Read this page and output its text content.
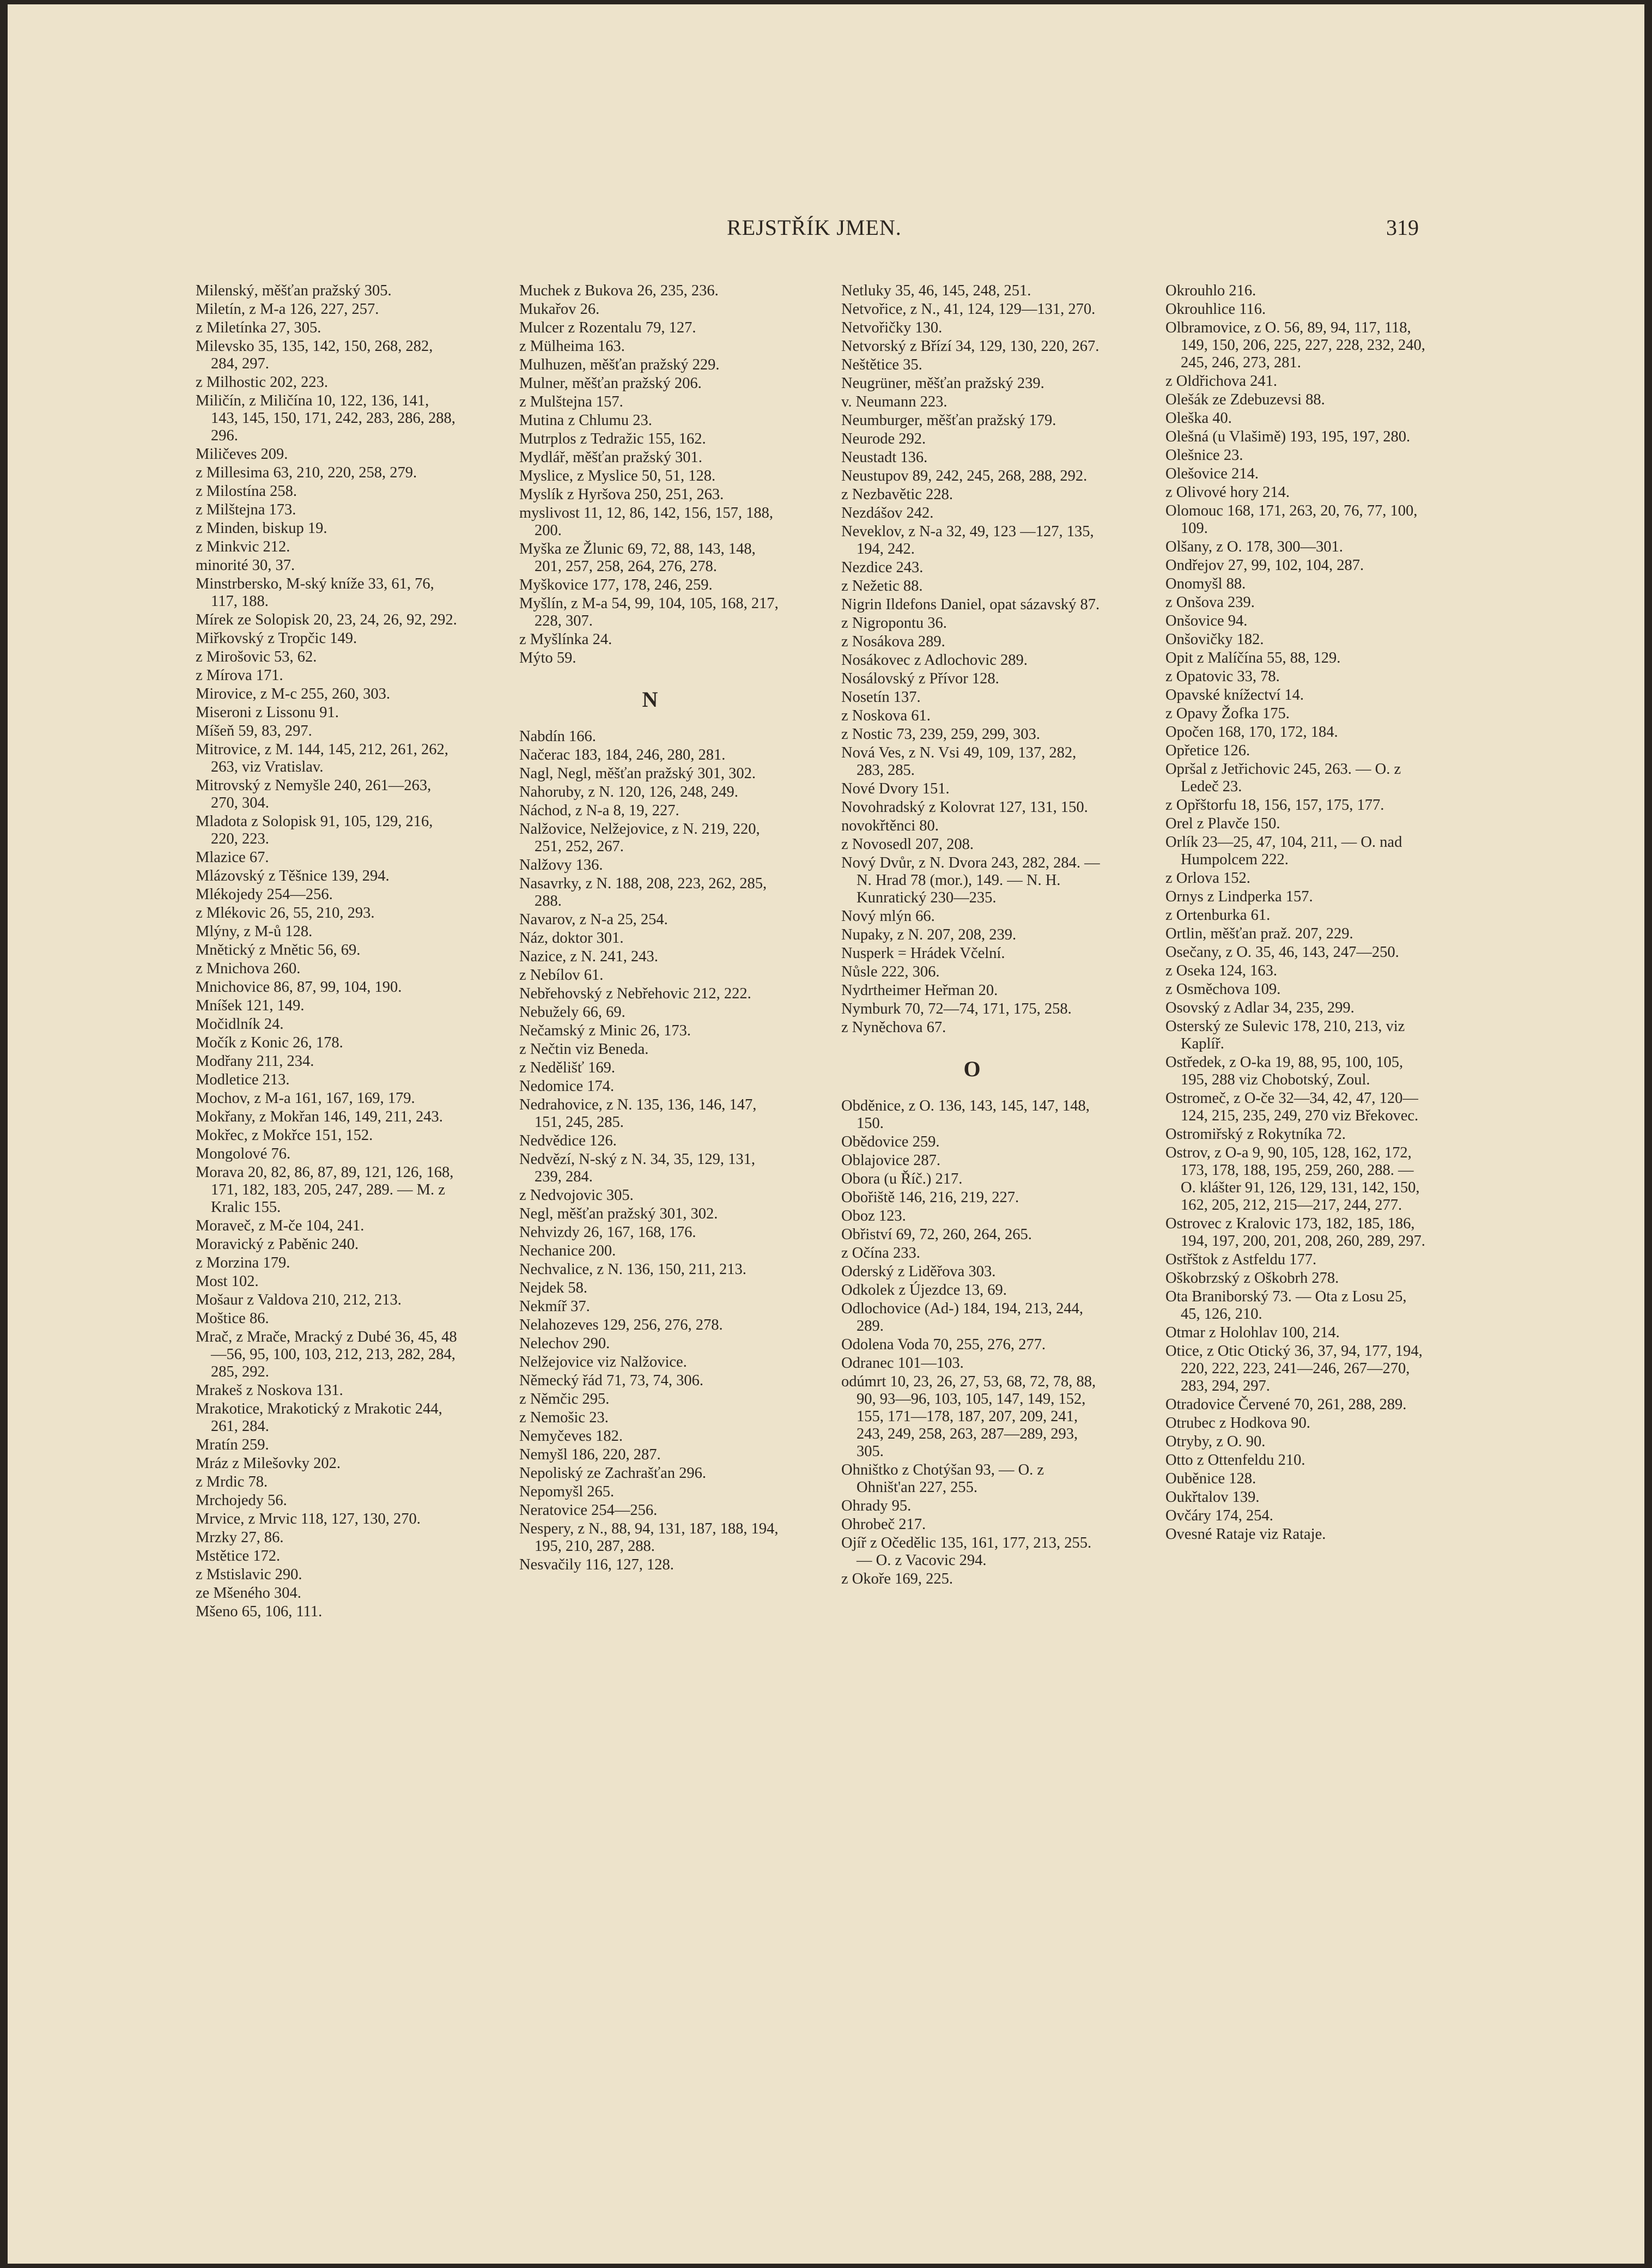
REJSTŘÍK JMEN.	319
Milenský, měšťan pražský 305.
Miletín, z M-a 126, 227, 257.
z Miletínka 27, 305.
Milevsko 35, 135, 142, 150, 268, 282, 284, 297.
z Milhostic 202, 223.
Miličín, z Miličína 10, 122, 136, 141, 143, 145, 150, 171, 242, 283, 286, 288, 296.
Miličeves 209.
z Millesima 63, 210, 220, 258, 279.
z Milostína 258.
z Milštejna 173.
z Minden, biskup 19.
z Minkvic 212.
minorité 30, 37.
Minstrbersko, M-ský kníže 33, 61, 76, 117, 188.
Mírek ze Solopisk 20, 23, 24, 26, 92, 292.
Miřkovský z Tropčic 149.
z Mirošovic 53, 62.
z Mírova 171.
Mirovice, z M-c 255, 260, 303.
Miseroni z Lissonu 91.
Míšeň 59, 83, 297.
Mitrovice, z M. 144, 145, 212, 261, 262, 263, viz Vratislav.
Mitrovský z Nemyšle 240, 261—263, 270, 304.
Mladota z Solopisk 91, 105, 129, 216, 220, 223.
Mlazice 67.
Mlázovský z Těšnice 139, 294.
Mlékojedy 254—256.
z Mlékovic 26, 55, 210, 293.
Mlýny, z M-ů 128.
Mnětický z Mnětic 56, 69.
z Mnichova 260.
Mnichovice 86, 87, 99, 104, 190.
Mníšek 121, 149.
Močidlník 24.
Močík z Konic 26, 178.
Modřany 211, 234.
Modletice 213.
Mochov, z M-a 161, 167, 169, 179.
Mokřany, z Mokřan 146, 149, 211, 243.
Mokřec, z Mokřce 151, 152.
Mongolové 76.
Morava 20, 82, 86, 87, 89, 121, 126, 168, 171, 182, 183, 205, 247, 289. — M. z Kralic 155.
Moraveč, z M-če 104, 241.
Moravický z Paběnic 240.
z Morzina 179.
Most 102.
Mošaur z Valdova 210, 212, 213.
Moštice 86.
Mrač, z Mrače, Mracký z Dubé 36, 45, 48—56, 95, 100, 103, 212, 213, 282, 284, 285, 292.
Mrakeš z Noskova 131.
Mrakotice, Mrakotický z Mrakotic 244, 261, 284.
Mratín 259.
Mráz z Milešovky 202.
z Mrdic 78.
Mrchojedy 56.
Mrvice, z Mrvic 118, 127, 130, 270.
Mrzky 27, 86.
Mstětice 172.
z Mstislavic 290.
ze Mšeného 304.
Mšeno 65, 106, 111.
Muchek z Bukova 26, 235, 236.
Mukařov 26.
Mulcer z Rozentalu 79, 127.
z Mülheima 163.
Mulhuzen, měšťan pražský 229.
Mulner, měšťan pražský 206.
z Mulštejna 157.
Mutina z Chlumu 23.
Mutrplos z Tedražic 155, 162.
Mydlář, měšťan pražský 301.
Myslice, z Myslice 50, 51, 128.
Myslík z Hyršova 250, 251, 263.
myslivost 11, 12, 86, 142, 156, 157, 188, 200.
Myška ze Žlunic 69, 72, 88, 143, 148, 201, 257, 258, 264, 276, 278.
Myškovice 177, 178, 246, 259.
Myšlín, z M-a 54, 99, 104, 105, 168, 217, 228, 307.
z Myšlínka 24.
Mýto 59.
N
Nabdín 166.
Načerac 183, 184, 246, 280, 281.
Nagl, Negl, měšťan pražský 301, 302.
Nahoruby, z N. 120, 126, 248, 249.
Náchod, z N-a 8, 19, 227.
Nalžovice, Nelžejovice, z N. 219, 220, 251, 252, 267.
Nalžovy 136.
Nasavrky, z N. 188, 208, 223, 262, 285, 288.
Navarov, z N-a 25, 254.
Náz, doktor 301.
Nazice, z N. 241, 243.
z Nebílov 61.
Nebřehovský z Nebřehovic 212, 222.
Nebužely 66, 69.
Nečamský z Minic 26, 173.
z Nečtin viz Beneda.
z Nedělišť 169.
Nedomice 174.
Nedrahovice, z N. 135, 136, 146, 147, 151, 245, 285.
Nedvědice 126.
Nedvězí, N-ský z N. 34, 35, 129, 131, 239, 284.
z Nedvojovic 305.
Negl, měšťan pražský 301, 302.
Nehvizdy 26, 167, 168, 176.
Nechanice 200.
Nechvalice, z N. 136, 150, 211, 213.
Nejdek 58.
Nekmíř 37.
Nelahozeves 129, 256, 276, 278.
Nelechov 290.
Nelžejovice viz Nalžovice.
Německý řád 71, 73, 74, 306.
z Němčic 295.
z Nemošic 23.
Nemyčeves 182.
Nemyšl 186, 220, 287.
Nepoliský ze Zachrašťan 296.
Nepomyšl 265.
Neratovice 254—256.
Nespery, z N., 88, 94, 131, 187, 188, 194, 195, 210, 287, 288.
Nesvačily 116, 127, 128.
Netluky 35, 46, 145, 248, 251.
Netvořice, z N., 41, 124, 129—131, 270.
Netvořičky 130.
Netvorský z Břízí 34, 129, 130, 220, 267.
Neštětice 35.
Neugrüner, měšťan pražský 239.
v. Neumann 223.
Neumburger, měšťan pražský 179.
Neurode 292.
Neustadt 136.
Neustupov 89, 242, 245, 268, 288, 292.
z Nezbavětic 228.
Nezdášov 242.
Neveklov, z N-a 32, 49, 123 —127, 135, 194, 242.
Nezdice 243.
z Nežetic 88.
Nigrin Ildefons Daniel, opat sázavský 87.
z Nigropontu 36.
z Nosákova 289.
Nosákovec z Adlochovic 289.
Nosálovský z Přívor 128.
Nosetín 137.
z Noskova 61.
z Nostic 73, 239, 259, 299, 303.
Nová Ves, z N. Vsi 49, 109, 137, 282, 283, 285.
Nové Dvory 151.
Novohradský z Kolovrat 127, 131, 150.
novokřtěnci 80.
z Novosedl 207, 208.
Nový Dvůr, z N. Dvora 243, 282, 284. — N. Hrad 78 (mor.), 149. — N. H. Kunratický 230—235.
Nový mlýn 66.
Nupaky, z N. 207, 208, 239.
Nusperk = Hrádek Včelní.
Nůsle 222, 306.
Nydrtheimer Heřman 20.
Nymburk 70, 72—74, 171, 175, 258.
z Nyněchova 67.
O
Obděnice, z O. 136, 143, 145, 147, 148, 150.
Obědovice 259.
Oblajovice 287.
Obora (u Říč.) 217.
Obořiště 146, 216, 219, 227.
Oboz 123.
Obřiství 69, 72, 260, 264, 265.
z Očína 233.
Oderský z Liděřova 303.
Odkolek z Újezdce 13, 69.
Odlochovice (Ad-) 184, 194, 213, 244, 289.
Odolena Voda 70, 255, 276, 277.
Odranec 101—103.
odúmrt 10, 23, 26, 27, 53, 68, 72, 78, 88, 90, 93—96, 103, 105, 147, 149, 152, 155, 171—178, 187, 207, 209, 241, 243, 249, 258, 263, 287—289, 293, 305.
Ohništko z Chotýšan 93, — O. z Ohništ'an 227, 255.
Ohrady 95.
Ohrobeč 217.
Ojíř z Očedělic 135, 161, 177, 213, 255. — O. z Vacovic 294.
z Okoře 169, 225.
Okrouhlo 216.
Okrouhlice 116.
Olbramovice, z O. 56, 89, 94, 117, 118, 149, 150, 206, 225, 227, 228, 232, 240, 245, 246, 273, 281.
z Oldřichova 241.
Olešák ze Zdebuzevsi 88.
Oleška 40.
Olešná (u Vlašimě) 193, 195, 197, 280.
Olešnice 23.
Olešovice 214.
z Olivové hory 214.
Olomouc 168, 171, 263, 20, 76, 77, 100, 109.
Olšany, z O. 178, 300—301.
Ondřejov 27, 99, 102, 104, 287.
Onomyšl 88.
z Onšova 239.
Onšovice 94.
Onšovičky 182.
Opit z Malíčína 55, 88, 129.
z Opatovic 33, 78.
Opavské knížectví 14.
z Opavy Žofka 175.
Opočen 168, 170, 172, 184.
Opřetice 126.
Opršal z Jetřichovic 245, 263. — O. z Ledeč 23.
z Opřštorfu 18, 156, 157, 175, 177.
Orel z Plavče 150.
Orlík 23—25, 47, 104, 211, — O. nad Humpolcem 222.
z Orlova 152.
Ornys z Lindperka 157.
z Ortenburka 61.
Ortlin, měšťan praž. 207, 229.
Osečany, z O. 35, 46, 143, 247—250.
z Oseka 124, 163.
z Osměchova 109.
Osovský z Adlar 34, 235, 299.
Osterský ze Sulevic 178, 210, 213, viz Kaplíř.
Ostředek, z O-ka 19, 88, 95, 100, 105, 195, 288 viz Chobotský, Zoul.
Ostromeč, z O-če 32—34, 42, 47, 120—124, 215, 235, 249, 270 viz Břekovec.
Ostromiřský z Rokytníka 72.
Ostrov, z O-a 9, 90, 105, 128, 162, 172, 173, 178, 188, 195, 259, 260, 288. — O. klášter 91, 126, 129, 131, 142, 150, 162, 205, 212, 215—217, 244, 277.
Ostrovec z Kralovic 173, 182, 185, 186, 194, 197, 200, 201, 208, 260, 289, 297.
Ostřštok z Astfeldu 177.
Oškobrzský z Oškobrh 278.
Ota Braniborský 73. — Ota z Losu 25, 45, 126, 210.
Otmar z Holohlav 100, 214.
Otice, z Otic Otický 36, 37, 94, 177, 194, 220, 222, 223, 241—246, 267—270, 283, 294, 297.
Otradovice Červené 70, 261, 288, 289.
Otrubec z Hodkova 90.
Otryby, z O. 90.
Otto z Ottenfeldu 210.
Ouběnice 128.
Oukřtalov 139.
Ovčáry 174, 254.
Ovesné Rataje viz Rataje.
